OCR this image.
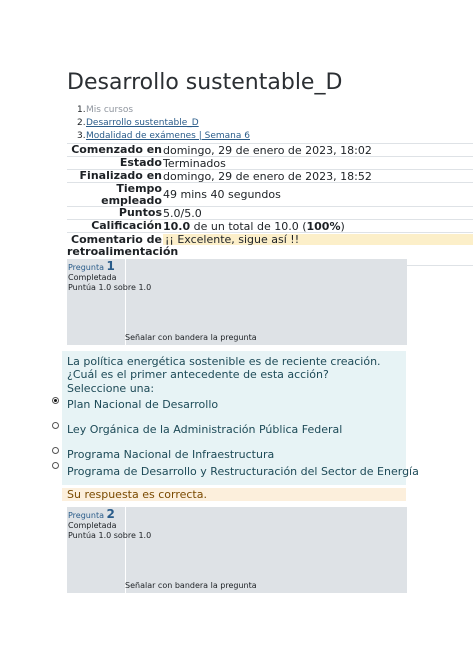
Desarrollo sustentable_D
1. Mis cursos
2. Desarrollo sustentable_D
3. Modalidad de exámenes | Semana 6
Comenzado en domingo, 29 de enero de 2023, 18:02
Estado Terminados
Finalizado en domingo, 29 de enero de 2023, 18:52
Tiempo empleado 49 mins 40 segundos
Puntos 5.0/5.0
Calificación 10.0 de un total de 10.0 (100%)
Comentario de retroalimentación
¡¡ Excelente, sigue así !!
Pregunta 1
Completada
Puntúa 1.0 sobre 1.0
Señalar con bandera la pregunta
La política energética sostenible es de reciente creación. ¿Cuál es el primer antecedente de esta acción?
Seleccione una:
Plan Nacional de Desarrollo
Ley Orgánica de la Administración Pública Federal
Programa Nacional de Infraestructura
Programa de Desarrollo y Restructuración del Sector de Energía
Su respuesta es correcta.
Pregunta 2
Completada
Puntúa 1.0 sobre 1.0
Señalar con bandera la pregunta
